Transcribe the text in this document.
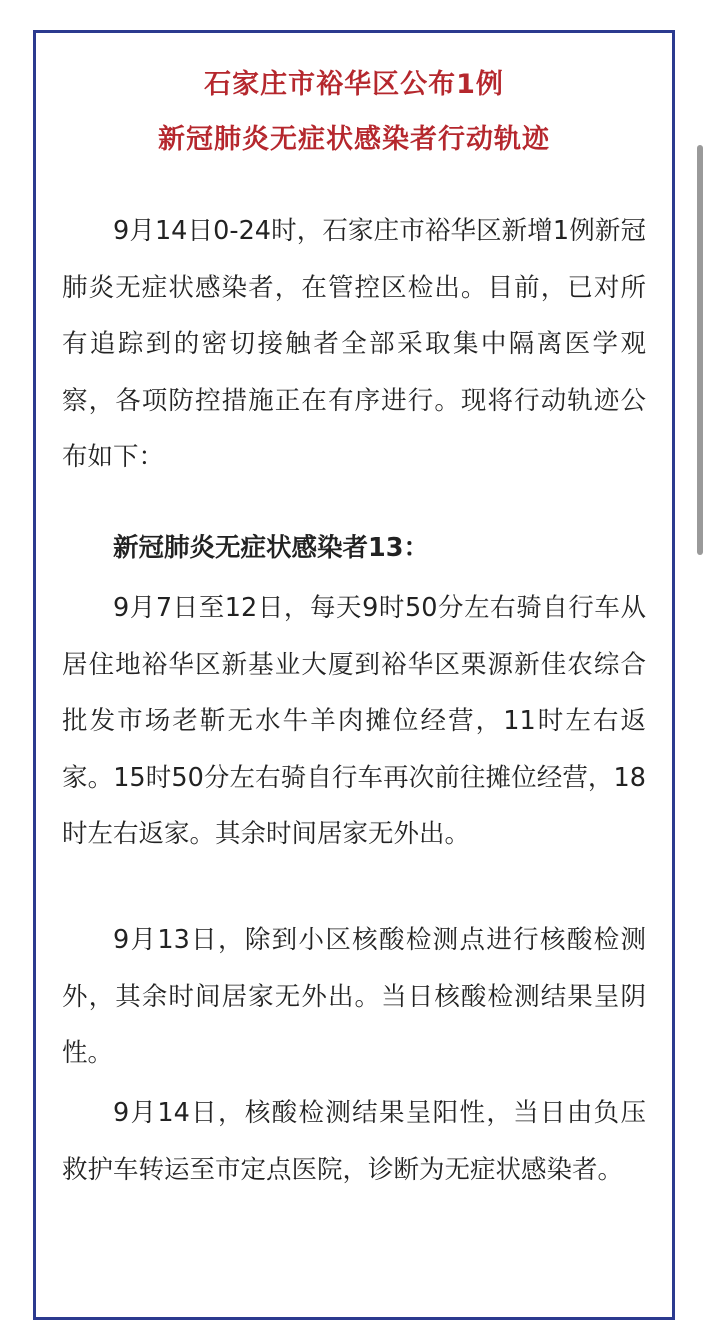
石家庄市裕华区公布1例
新冠肺炎无症状感染者行动轨迹

9月14日0-24时，石家庄市裕华区新增1例新冠肺炎无症状感染者，在管控区检出。目前，已对所有追踪到的密切接触者全部采取集中隔离医学观察，各项防控措施正在有序进行。现将行动轨迹公布如下：

新冠肺炎无症状感染者13：

9月7日至12日，每天9时50分左右骑自行车从居住地裕华区新基业大厦到裕华区栗源新佳农综合批发市场老靳无水牛羊肉摊位经营，11时左右返家。15时50分左右骑自行车再次前往摊位经营，18时左右返家。其余时间居家无外出。

9月13日，除到小区核酸检测点进行核酸检测外，其余时间居家无外出。当日核酸检测结果呈阴性。

9月14日，核酸检测结果呈阳性，当日由负压救护车转运至市定点医院，诊断为无症状感染者。
